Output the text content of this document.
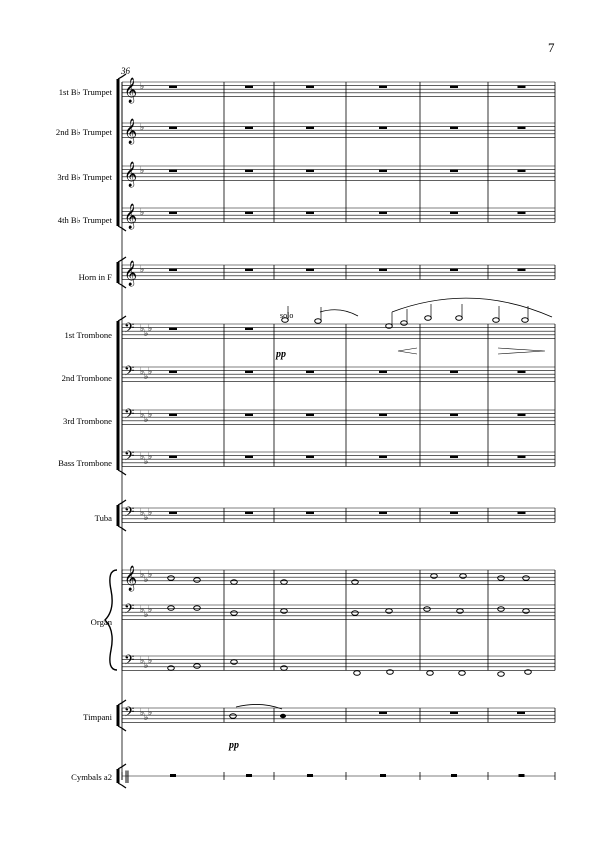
7
36
1st B♭ Trumpet
2nd B♭ Trumpet
3rd B♭ Trumpet
4th B♭ Trumpet
Horn in F
1st Trombone
2nd Trombone
3rd Trombone
Bass Trombone
Tuba
Organ
Timpani
Cymbals a2
𝄞 ♭
𝄞 ♭
𝄞 ♭
𝄞 ♭
𝄞 ♭
𝄢 ♭ ♭ ♭
𝄢 ♭ ♭ ♭
𝄢 ♭ ♭ ♭
𝄢 ♭ ♭ ♭
𝄢 ♭ ♭ ♭
𝄞 ♭ ♭ ♭
𝄢 ♭ ♭ ♭
𝄢 ♭ ♭ ♭
𝄢 ♭ ♭ ♭
‖
solo
pp
pp
